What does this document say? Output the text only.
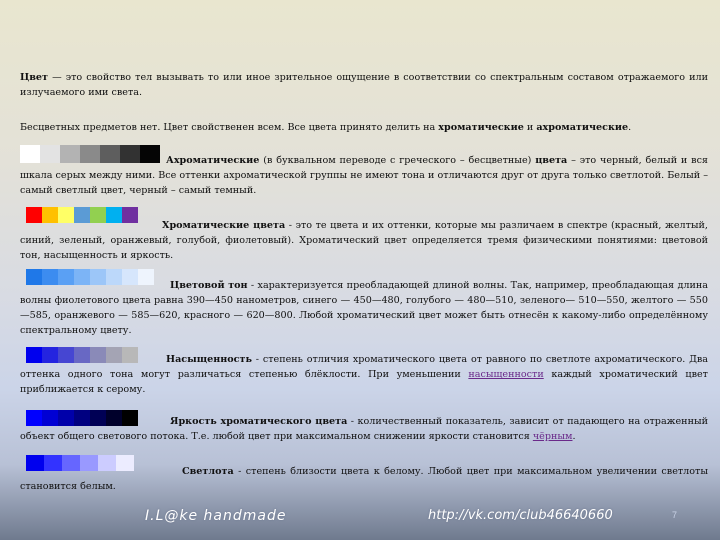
Цвет — это свойство тел вызывать то или иное зрительное ощущение в соответствии со спектральным составом отражаемого или излучаемого ими света.

Бесцветных предметов нет. Цвет свойственен всем. Все цвета принято делить на хроматические и ахроматические.

Ахроматические (в буквальном переводе с греческого – бесцветные) цвета – это черный, белый и вся шкала серых между ними. Все оттенки ахроматической группы не имеют тона и отличаются друг от друга только светлотой. Белый – самый светлый цвет, черный – самый темный.

Хроматические цвета - это те цвета и их оттенки, которые мы различаем в спектре (красный, желтый, синий, зеленый, оранжевый, голубой, фиолетовый). Хроматический цвет определяется тремя физическими понятиями: цветовой тон, насыщенность и яркость.

Цветовой тон - характеризуется преобладающей длиной волны. Так, например, преобладающая длина волны фиолетового цвета равна 390—450 нанометров, синего — 450—480, голубого — 480—510, зеленого— 510—550, желтого — 550—585, оранжевого — 585—620, красного — 620—800. Любой хроматический цвет может быть отнесён к какому-либо определённому спектральному цвету.

Насыщенность - степень отличия хроматического цвета от равного по светлоте ахроматического. Два оттенка одного тона могут различаться степенью блёклости. При уменьшении насыщенности каждый хроматический цвет приближается к серому.

Яркость хроматического цвета - количественный показатель, зависит от падающего на отраженный объект общего светового потока. Т.е. любой цвет при максимальном снижении яркости становится чёрным.

Светлота - степень близости цвета к белому. Любой цвет при максимальном увеличении светлоты становится белым.

I.L@ke handmade	http://vk.com/club46640660	7
